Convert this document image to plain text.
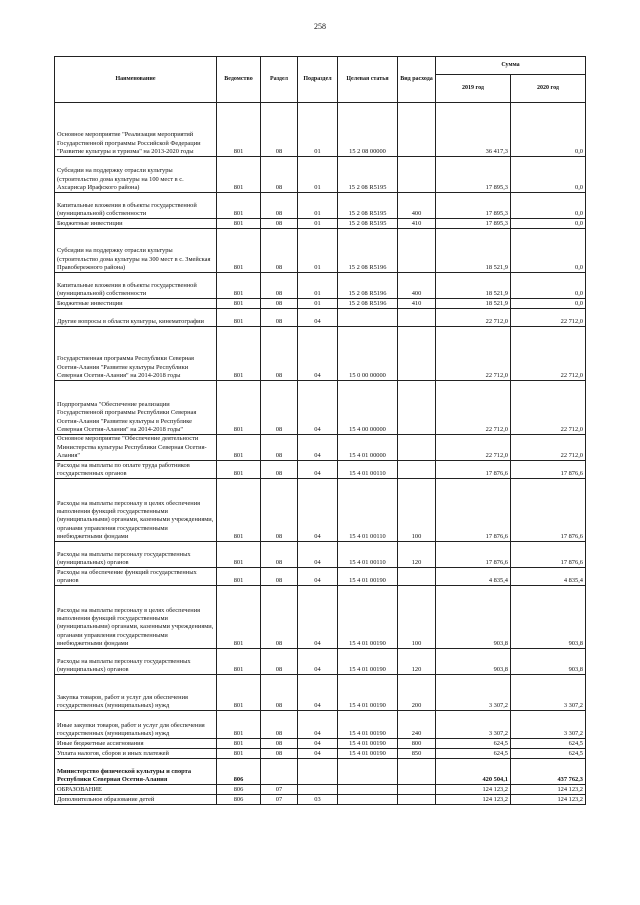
258
Наименование	Ведомство	Раздел	Подраздел	Целевая статья	Вид расхода	Сумма	
						2019 год	2020 год
Основное мероприятие "Реализация мероприятий Государственной программы Российской Федерации "Развитие культуры и туризма" на 2013-2020 годы	801	08	01	15 2 08 00000		36 417,3	0,0
Субсидии на поддержку отрасли культуры (строительство дома культуры на 100 мест в с. Ахсарисар Ирафского района)	801	08	01	15 2 08 R5195		17 895,3	0,0
Капитальные вложения в объекты государственной (муниципальной) собственности	801	08	01	15 2 08 R5195	400	17 895,3	0,0
Бюджетные инвестиции	801	08	01	15 2 08 R5195	410	17 895,3	0,0
Субсидии на поддержку отрасли культуры (строительство дома культуры на 300 мест в с. Змейская Правобережного района)	801	08	01	15 2 08 R5196		18 521,9	0,0
Капитальные вложения в объекты государственной (муниципальной) собственности	801	08	01	15 2 08 R5196	400	18 521,9	0,0
Бюджетные инвестиции	801	08	01	15 2 08 R5196	410	18 521,9	0,0
Другие вопросы в области культуры, кинематографии	801	08	04			22 712,0	22 712,0
Государственная программа Республики Северная Осетия-Алания "Развитие культуры Республики Северная Осетия-Алания" на 2014-2018 годы	801	08	04	15 0 00 00000		22 712,0	22 712,0
Подпрограмма "Обеспечение реализации Государственной программы Республики Северная Осетия-Алания "Развитие культуры в Республике Северная Осетия-Алания" на 2014-2018 годы"	801	08	04	15 4 00 00000		22 712,0	22 712,0
Основное мероприятие "Обеспечение деятельности Министерства культуры Республики Северная Осетия-Алания"	801	08	04	15 4 01 00000		22 712,0	22 712,0
Расходы на выплаты по оплате труда работников государственных органов	801	08	04	15 4 01 00110		17 876,6	17 876,6
Расходы на выплаты персоналу в целях обеспечения выполнения функций государственными (муниципальными) органами, казенными учреждениями, органами управления государственными внебюджетными фондами	801	08	04	15 4 01 00110	100	17 876,6	17 876,6
Расходы на выплаты персоналу государственных (муниципальных) органов	801	08	04	15 4 01 00110	120	17 876,6	17 876,6
Расходы на обеспечение функций государственных органов	801	08	04	15 4 01 00190		4 835,4	4 835,4
Расходы на выплаты персоналу в целях обеспечения выполнения функций государственными (муниципальными) органами, казенными учреждениями, органами управления государственными внебюджетными фондами	801	08	04	15 4 01 00190	100	903,8	903,8
Расходы на выплаты персоналу государственных (муниципальных) органов	801	08	04	15 4 01 00190	120	903,8	903,8
Закупка товаров, работ и услуг для обеспечения государственных (муниципальных) нужд	801	08	04	15 4 01 00190	200	3 307,2	3 307,2
Иные закупки товаров, работ и услуг для обеспечения государственных (муниципальных) нужд	801	08	04	15 4 01 00190	240	3 307,2	3 307,2
Иные бюджетные ассигнования	801	08	04	15 4 01 00190	800	624,5	624,5
Уплата налогов, сборов и иных платежей	801	08	04	15 4 01 00190	850	624,5	624,5
Министерство физической культуры и спорта Республики Северная Осетия-Алания	806					420 504,1	437 762,3
ОБРАЗОВАНИЕ	806	07				124 123,2	124 123,2
Дополнительное образование детей	806	07	03			124 123,2	124 123,2
